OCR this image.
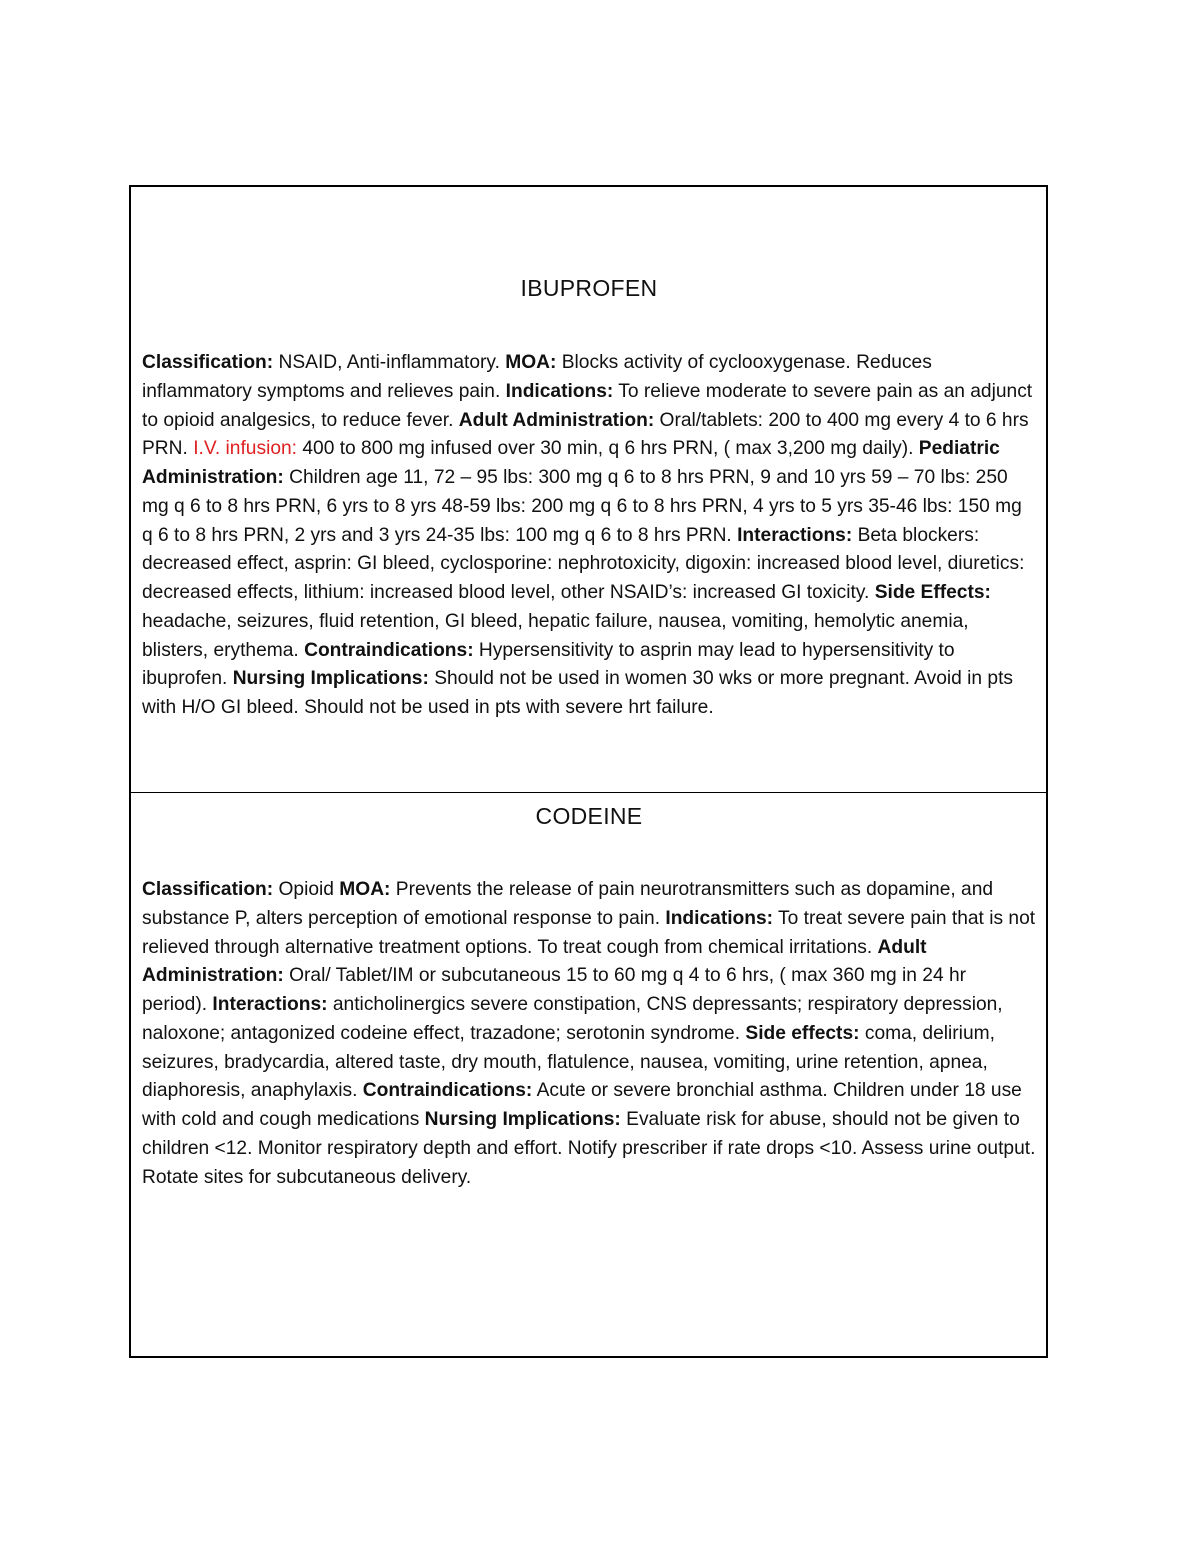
IBUPROFEN

Classification: NSAID, Anti-inflammatory. MOA: Blocks activity of cyclooxygenase. Reduces inflammatory symptoms and relieves pain. Indications: To relieve moderate to severe pain as an adjunct to opioid analgesics, to reduce fever. Adult Administration: Oral/tablets: 200 to 400 mg every 4 to 6 hrs PRN. I.V. infusion: 400 to 800 mg infused over 30 min, q 6 hrs PRN, ( max 3,200 mg daily). Pediatric Administration: Children age 11, 72 – 95 lbs: 300 mg q 6 to 8 hrs PRN, 9 and 10 yrs 59 – 70 lbs: 250 mg q 6 to 8 hrs PRN, 6 yrs to 8 yrs 48-59 lbs: 200 mg q 6 to 8 hrs PRN, 4 yrs to 5 yrs 35-46 lbs: 150 mg q 6 to 8 hrs PRN, 2 yrs and 3 yrs 24-35 lbs: 100 mg q 6 to 8 hrs PRN. Interactions: Beta blockers: decreased effect, asprin: GI bleed, cyclosporine: nephrotoxicity, digoxin: increased blood level, diuretics: decreased effects, lithium: increased blood level, other NSAID’s: increased GI toxicity. Side Effects: headache, seizures, fluid retention, GI bleed, hepatic failure, nausea, vomiting, hemolytic anemia, blisters, erythema. Contraindications: Hypersensitivity to asprin may lead to hypersensitivity to ibuprofen. Nursing Implications: Should not be used in women 30 wks or more pregnant. Avoid in pts with H/O GI bleed. Should not be used in pts with severe hrt failure.

CODEINE

Classification: Opioid MOA: Prevents the release of pain neurotransmitters such as dopamine, and substance P, alters perception of emotional response to pain. Indications: To treat severe pain that is not relieved through alternative treatment options. To treat cough from chemical irritations. Adult Administration: Oral/ Tablet/IM or subcutaneous 15 to 60 mg q 4 to 6 hrs, ( max 360 mg in 24 hr period). Interactions: anticholinergics severe constipation, CNS depressants; respiratory depression, naloxone; antagonized codeine effect, trazadone; serotonin syndrome. Side effects: coma, delirium, seizures, bradycardia, altered taste, dry mouth, flatulence, nausea, vomiting, urine retention, apnea, diaphoresis, anaphylaxis. Contraindications: Acute or severe bronchial asthma. Children under 18 use with cold and cough medications Nursing Implications: Evaluate risk for abuse, should not be given to children <12. Monitor respiratory depth and effort. Notify prescriber if rate drops <10. Assess urine output. Rotate sites for subcutaneous delivery.
